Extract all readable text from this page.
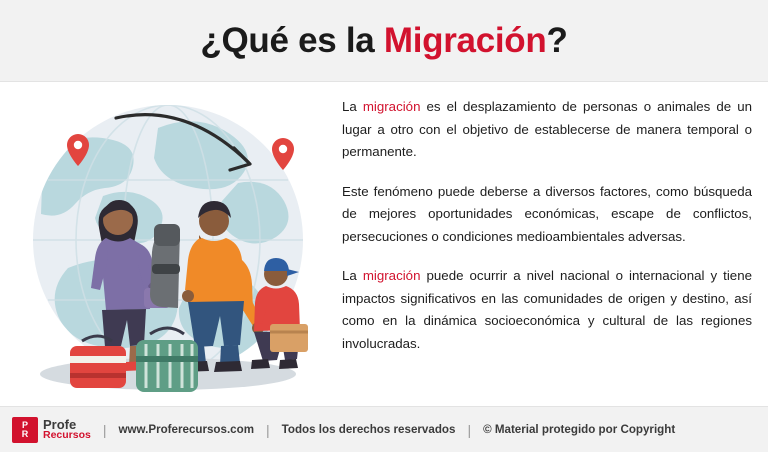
¿Qué es la Migración?

La migración es el desplazamiento de personas o animales de un lugar a otro con el objetivo de establecerse de manera temporal o permanente.

Este fenómeno puede deberse a diversos factores, como búsqueda de mejores oportunidades económicas, escape de conflictos, persecuciones o condiciones medioambientales adversas.

La migración puede ocurrir a nivel nacional o internacional y tiene impactos significativos en las comunidades de origen y destino, así como en la dinámica socioeconómica y cultural de las regiones involucradas.

P
R
Profe
Recursos | www.Proferecursos.com | Todos los derechos reservados | © Material protegido por Copyright
